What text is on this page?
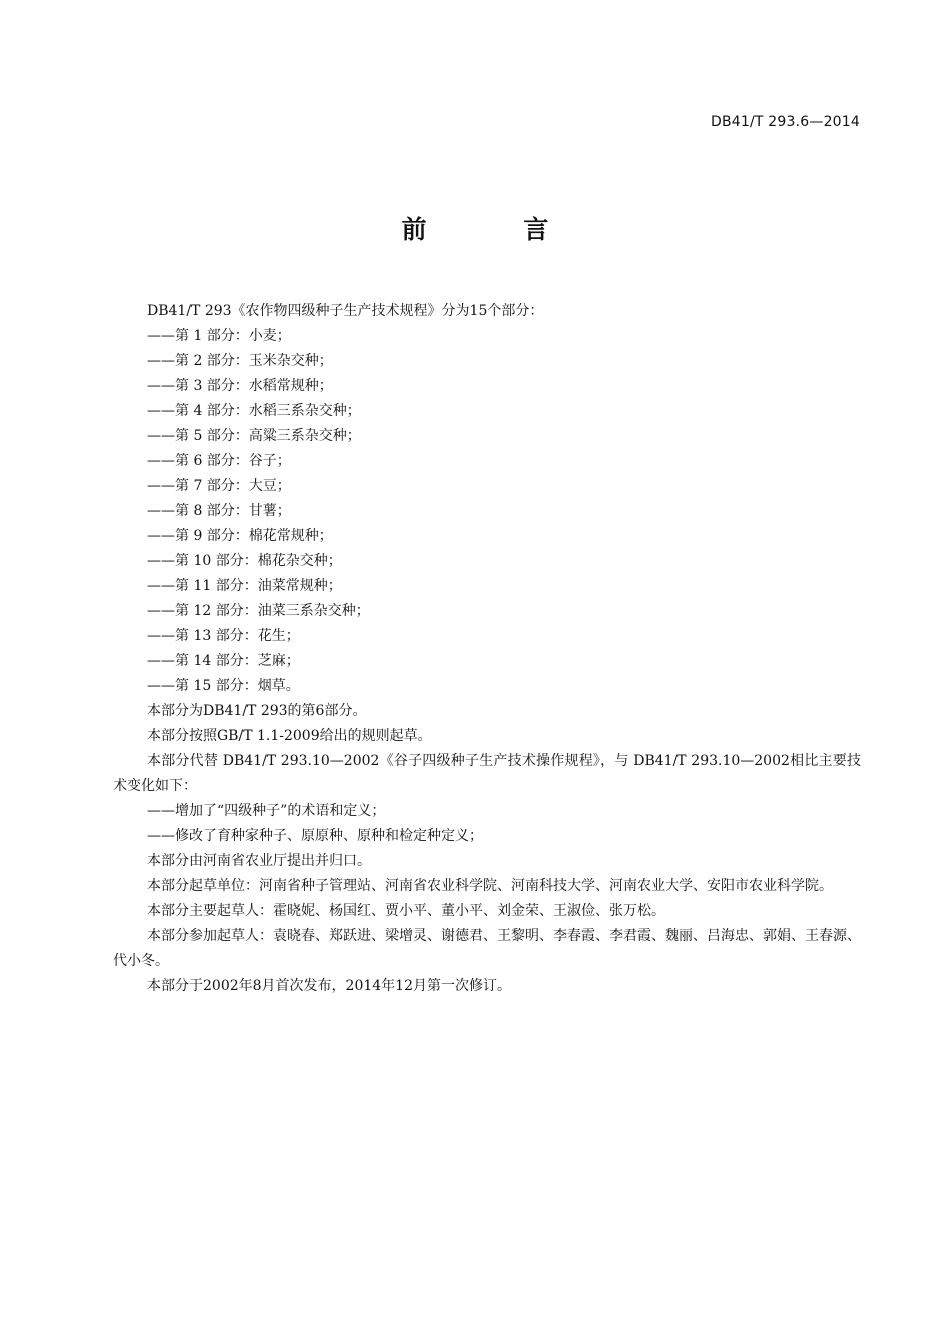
DB41/T 293.6—2014
前 言

DB41/T 293《农作物四级种子生产技术规程》分为15个部分：

——第 1 部分：小麦；

——第 2 部分：玉米杂交种；

——第 3 部分：水稻常规种；

——第 4 部分：水稻三系杂交种；

——第 5 部分：高粱三系杂交种；

——第 6 部分：谷子；

——第 7 部分：大豆；

——第 8 部分：甘薯；

——第 9 部分：棉花常规种；

——第 10 部分：棉花杂交种；

——第 11 部分：油菜常规种；

——第 12 部分：油菜三系杂交种；

——第 13 部分：花生；

——第 14 部分：芝麻；

——第 15 部分：烟草。

本部分为DB41/T 293的第6部分。

本部分按照GB/T 1.1-2009给出的规则起草。

本部分代替 DB41/T 293.10—2002《谷子四级种子生产技术操作规程》，与 DB41/T 293.10—2002相比主要技术变化如下：

——增加了“四级种子”的术语和定义；

——修改了育种家种子、原原种、原种和检定种定义；

本部分由河南省农业厅提出并归口。

本部分起草单位：河南省种子管理站、河南省农业科学院、河南科技大学、河南农业大学、安阳市农业科学院。

本部分主要起草人：霍晓妮、杨国红、贾小平、董小平、刘金荣、王淑俭、张万松。

本部分参加起草人：袁晓春、郑跃进、梁增灵、谢德君、王黎明、李春霞、李君霞、魏丽、吕海忠、郭娟、王春源、代小冬。

本部分于2002年8月首次发布，2014年12月第一次修订。
